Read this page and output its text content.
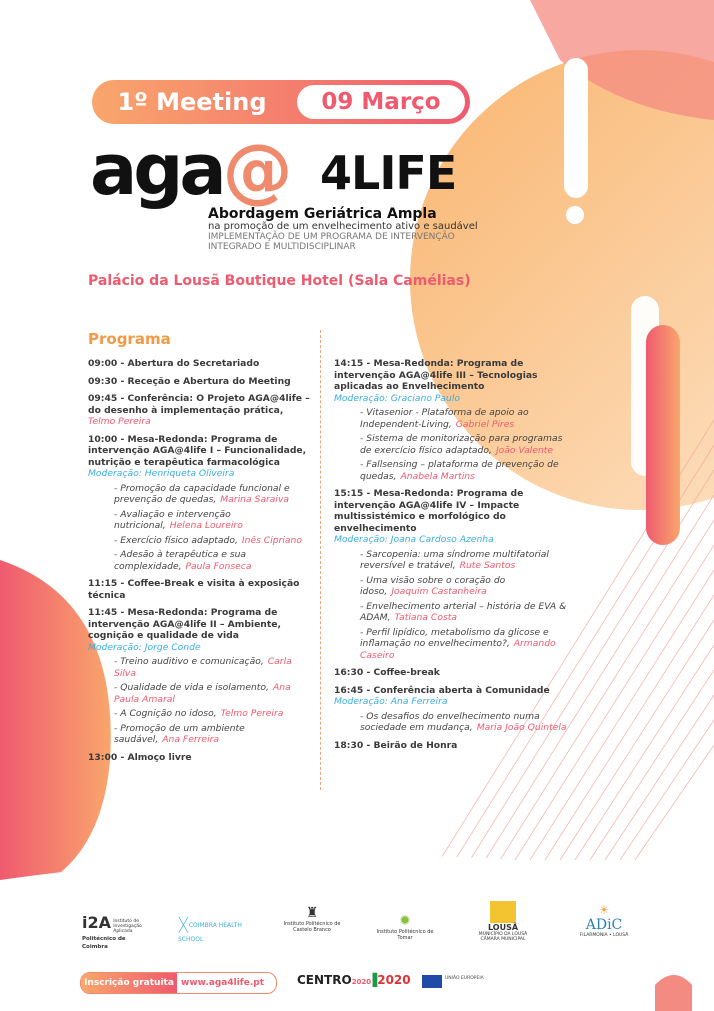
1º Meeting	09 Março
aga@ 4LIFE
Abordagem Geriátrica Ampla
na promoção de um envelhecimento ativo e saudável
IMPLEMENTAÇÃO DE UM PROGRAMA DE INTERVENÇÃO INTEGRADO E MULTIDISCIPLINAR
Palácio da Lousã Boutique Hotel (Sala Camélias)
Programa
09:00 - Abertura do Secretariado
09:30 - Receção e Abertura do Meeting
09:45 - Conferência: O Projeto AGA@4life – do desenho à implementação prática, Telmo Pereira
10:00 - Mesa-Redonda: Programa de intervenção AGA@4life I – Funcionalidade, nutrição e terapêutica farmacológica
Moderação: Henriqueta Oliveira
- Promoção da capacidade funcional e prevenção de quedas, Marina Saraiva
- Avaliação e intervenção nutricional, Helena Loureiro
- Exercício físico adaptado, Inês Cipriano
- Adesão à terapêutica e sua complexidade, Paula Fonseca
11:15 - Coffee-Break e visita à exposição técnica
11:45 - Mesa-Redonda: Programa de intervenção AGA@4life II – Ambiente, cognição e qualidade de vida
Moderação: Jorge Conde
- Treino auditivo e comunicação, Carla Silva
- Qualidade de vida e isolamento, Ana Paula Amaral
- A Cognição no idoso, Telmo Pereira
- Promoção de um ambiente saudável, Ana Ferreira
13:00 - Almoço livre
14:15 - Mesa-Redonda: Programa de intervenção AGA@4life III – Tecnologias aplicadas ao Envelhecimento
Moderação: Graciano Paulo
- Vitasenior - Plataforma de apoio ao Independent-Living, Gabriel Pires
- Sistema de monitorização para programas de exercício físico adaptado, João Valente
- Fallsensing – plataforma de prevenção de quedas, Anabela Martins
15:15 - Mesa-Redonda: Programa de intervenção AGA@4life IV – Impacte multissistémico e morfológico do envelhecimento
Moderação: Joana Cardoso Azenha
- Sarcopenia: uma síndrome multifatorial reversível e tratável, Rute Santos
- Uma visão sobre o coração do idoso, Joaquim Castanheira
- Envelhecimento arterial – história de EVA & ADAM, Tatiana Costa
- Perfil lipídico, metabolismo da glicose e inflamação no envelhecimento?, Armando Caseiro
16:30 - Coffee-break
16:45 - Conferência aberta à Comunidade
Moderação: Ana Ferreira
- Os desafios do envelhecimento numa sociedade em mudança, Maria João Quintela
18:30 - Beirão de Honra
i2A Instituto de Investigação Aplicada
Politécnico de Coimbra
ᚷCOIMBRA HEALTH SCHOOL
♜
Instituto Politécnico de Castelo Branco
✹
Instituto Politécnico de Tomar
LOUSÃ
MUNICÍPIO DA LOUSÃ CÂMARA MUNICIPAL
☀
ADiC
FILARMONIA • LOUSÃ
Inscrição gratuita www.aga4life.pt	CENTRO2020
▐2020	UNIÃO EUROPEIA
